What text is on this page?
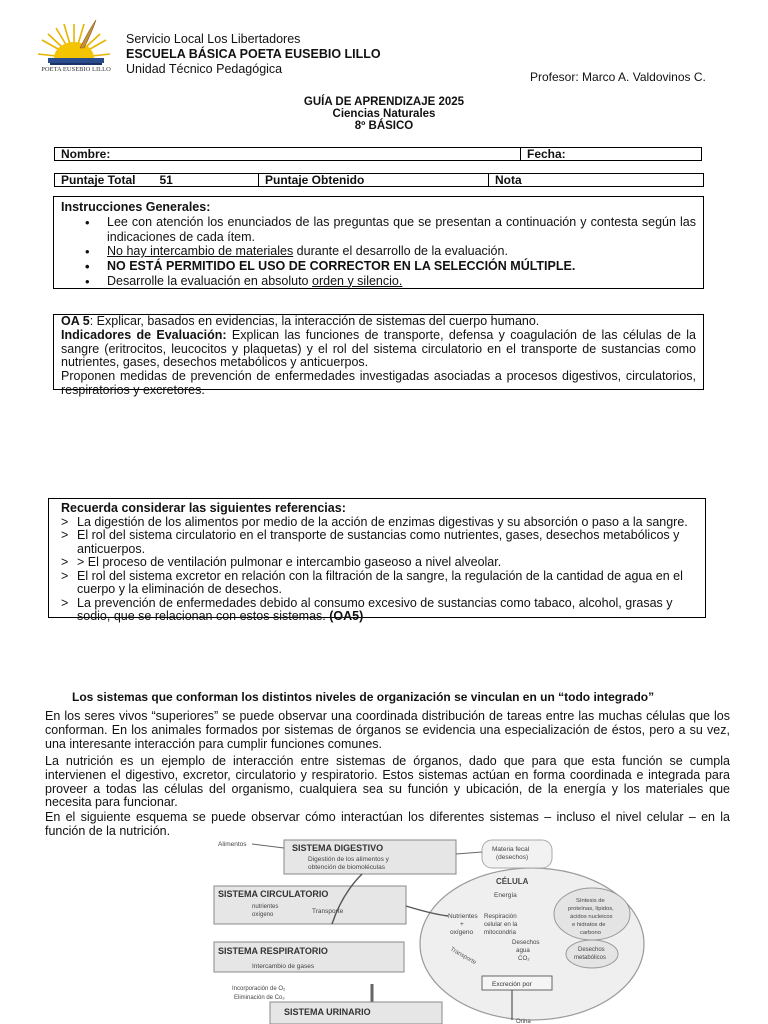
POETA EUSEBIO LILLO
Servicio Local Los Libertadores
ESCUELA BÁSICA POETA EUSEBIO LILLO
Unidad Técnico Pedagógica
Profesor: Marco A. Valdovinos C.
GUÍA DE APRENDIZAJE 2025
Ciencias Naturales
8º BÁSICO
Nombre:	Fecha:
Puntaje Total 51	Puntaje Obtenido	Nota
Instrucciones Generales:
• Lee con atención los enunciados de las preguntas que se presentan a continuación y contesta según las indicaciones de cada ítem.
• No hay intercambio de materiales durante el desarrollo de la evaluación.
• NO ESTÁ PERMITIDO EL USO DE CORRECTOR EN LA SELECCIÓN MÚLTIPLE.
• Desarrolle la evaluación en absoluto orden y silencio.
OA 5: Explicar, basados en evidencias, la interacción de sistemas del cuerpo humano.
Indicadores de Evaluación: Explican las funciones de transporte, defensa y coagulación de las células de la sangre (eritrocitos, leucocitos y plaquetas) y el rol del sistema circulatorio en el transporte de sustancias como nutrientes, gases, desechos metabólicos y anticuerpos.
Proponen medidas de prevención de enfermedades investigadas asociadas a procesos digestivos, circulatorios, respiratorios y excretores.
Recuerda considerar las siguientes referencias:
> La digestión de los alimentos por medio de la acción de enzimas digestivas y su absorción o paso a la sangre.
> El rol del sistema circulatorio en el transporte de sustancias como nutrientes, gases, desechos metabólicos y anticuerpos.
> > El proceso de ventilación pulmonar e intercambio gaseoso a nivel alveolar.
> El rol del sistema excretor en relación con la filtración de la sangre, la regulación de la cantidad de agua en el cuerpo y la eliminación de desechos.
> La prevención de enfermedades debido al consumo excesivo de sustancias como tabaco, alcohol, grasas y sodio, que se relacionan con estos sistemas. (OA5)
Los sistemas que conforman los distintos niveles de organización se vinculan en un “todo integrado”
En los seres vivos “superiores” se puede observar una coordinada distribución de tareas entre las muchas células que los conforman. En los animales formados por sistemas de órganos se evidencia una especialización de éstos, pero a su vez, una interesante interacción para cumplir funciones comunes.
La nutrición es un ejemplo de interacción entre sistemas de órganos, dado que para que esta función se cumpla intervienen el digestivo, excretor, circulatorio y respiratorio. Estos sistemas actúan en forma coordinada e integrada para proveer a todas las células del organismo, cualquiera sea su función y ubicación, de la energía y los materiales que necesita para funcionar.
En el siguiente esquema se puede observar cómo interactúan los diferentes sistemas – incluso el nivel celular – en la función de la nutrición.
SISTEMA DIGESTIVO
Digestión de los alimentos y
obtención de biomoléculas
Alimentos
Materia fecal
(desechos)
CÉLULA
Energía
Síntesis de
proteínas, lípidos,
ácidos nucleicos
e hidratos de
carbono
SISTEMA CIRCULATORIO
nutrientes
oxígeno	Transporte
Nutrientes
+
oxígeno
Respiración
celular en la
mitocondria
Transporte
Desechos
agua
CO₂
Desechos
metabólicos
SISTEMA RESPIRATORIO
Intercambio de gases
Excreción por
Incorporación de O₂
Eliminación de Co₂
SISTEMA URINARIO
Orina
